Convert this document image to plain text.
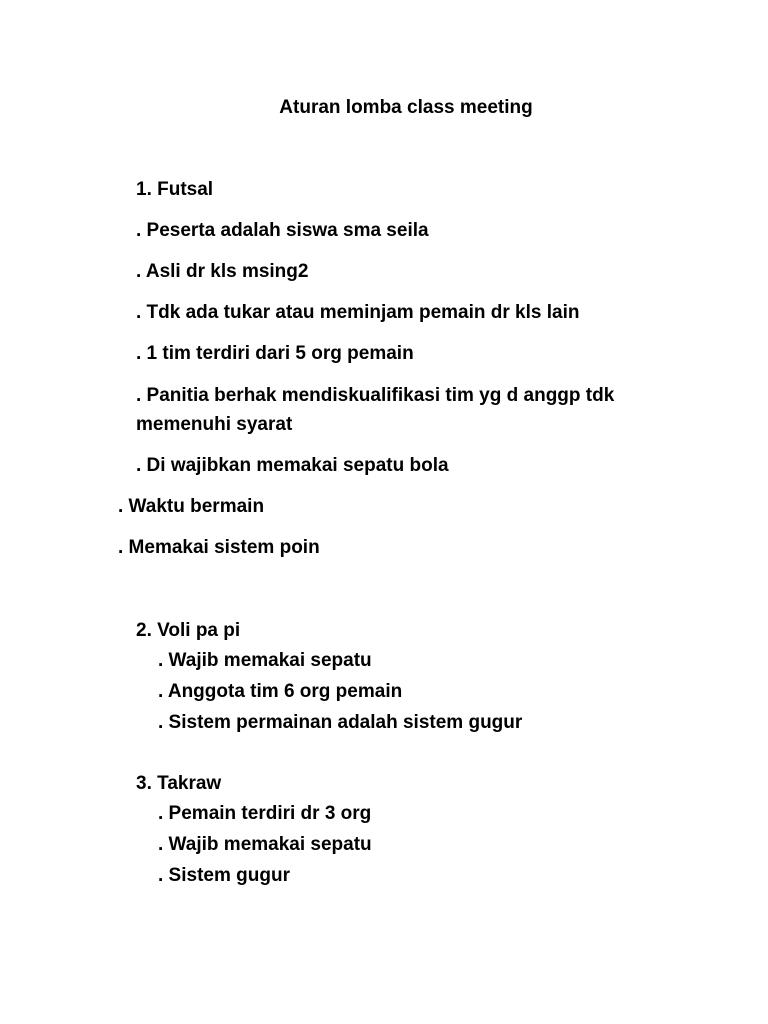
Aturan lomba class meeting
1. Futsal
. Peserta adalah siswa sma seila
. Asli dr kls msing2
. Tdk ada tukar atau meminjam pemain dr kls lain
. 1 tim terdiri dari 5 org pemain
. Panitia berhak mendiskualifikasi tim yg d anggp tdk
memenuhi syarat
. Di wajibkan memakai sepatu bola
. Waktu bermain
. Memakai sistem poin
2. Voli pa pi
. Wajib memakai sepatu
. Anggota tim 6 org pemain
. Sistem permainan adalah sistem gugur
3. Takraw
. Pemain terdiri dr 3 org
. Wajib memakai sepatu
. Sistem gugur
